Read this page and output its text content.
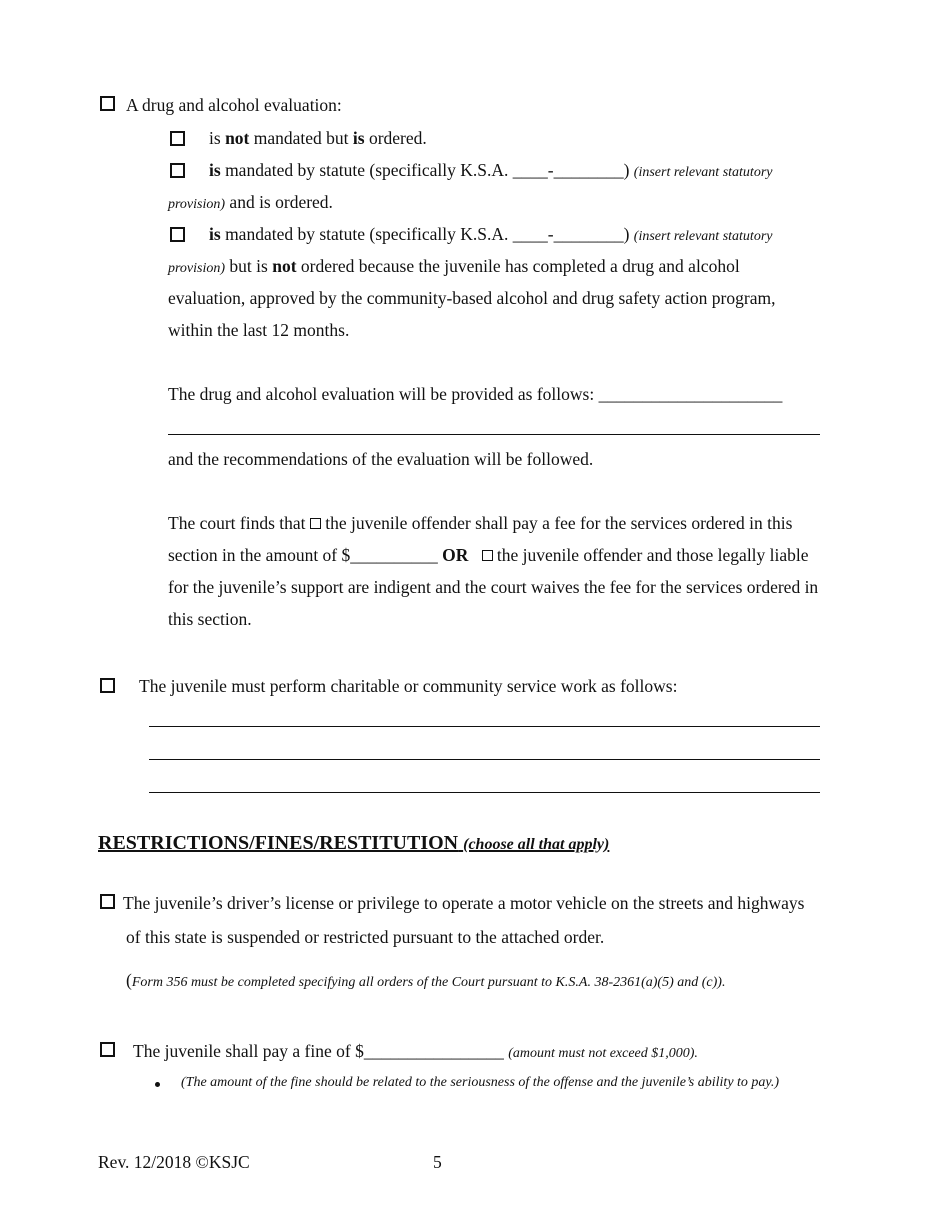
A drug and alcohol evaluation:
is not mandated but is ordered.
is mandated by statute (specifically K.S.A. ____-________) (insert relevant statutory
provision) and is ordered.
is mandated by statute (specifically K.S.A. ____-________) (insert relevant statutory
provision) but is not ordered because the juvenile has completed a drug and alcohol
evaluation, approved by the community-based alcohol and drug safety action program,
within the last 12 months.
The drug and alcohol evaluation will be provided as follows: _____________________
and the recommendations of the evaluation will be followed.
The court finds that  the juvenile offender shall pay a fee for the services ordered in this
section in the amount of $__________ OR    the juvenile offender and those legally liable
for the juvenile’s support are indigent and the court waives the fee for the services ordered in
this section.
The juvenile must perform charitable or community service work as follows:
RESTRICTIONS/FINES/RESTITUTION (choose all that apply)
The juvenile’s driver’s license or privilege to operate a motor vehicle on the streets and highways
of this state is suspended or restricted pursuant to the attached order.
(Form 356 must be completed specifying all orders of the Court pursuant to K.S.A. 38-2361(a)(5) and (c)).
The juvenile shall pay a fine of $________________ (amount must not exceed $1,000).
(The amount of the fine should be related to the seriousness of the offense and the juvenile’s ability to pay.)
Rev. 12/2018 ©KSJC	5
